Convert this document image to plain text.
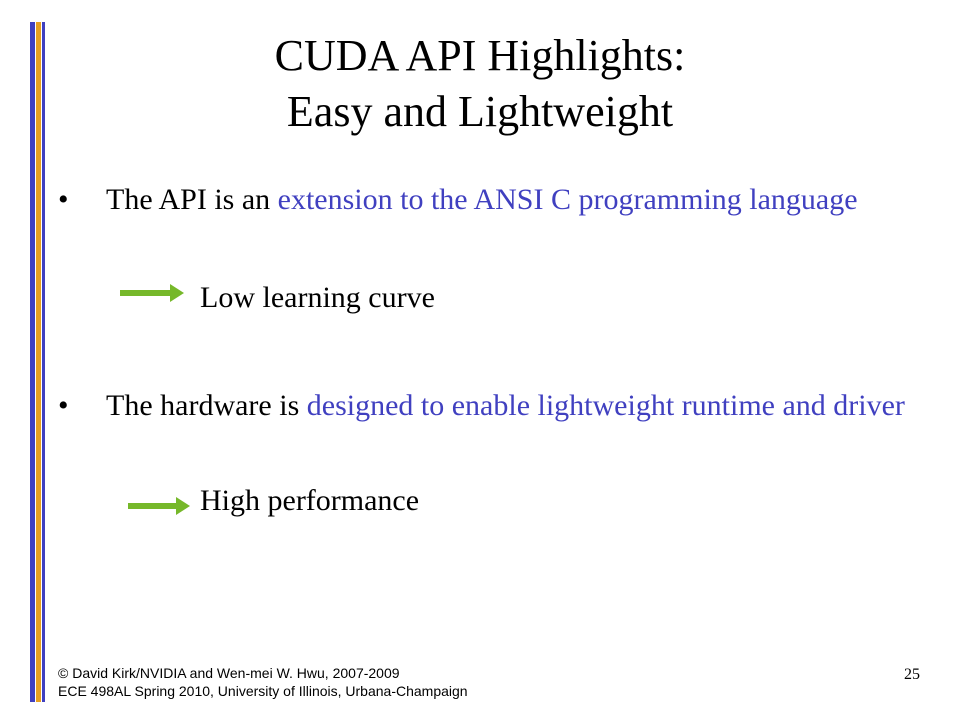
CUDA API Highlights:
Easy and Lightweight
• The API is an extension to the ANSI C programming language
Low learning curve
• The hardware is designed to enable lightweight runtime and driver
High performance
© David Kirk/NVIDIA and Wen-mei W. Hwu, 2007-2009
ECE 498AL Spring 2010, University of Illinois, Urbana-Champaign
25
